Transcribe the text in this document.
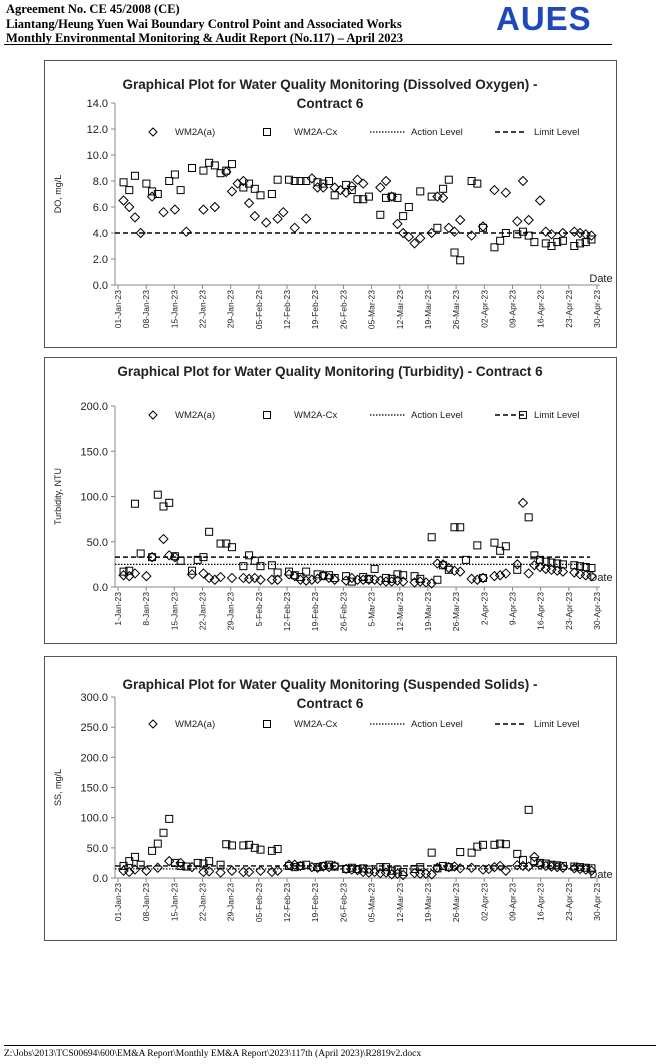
Agreement No. CE 45/2008 (CE)
Liantang/Heung Yuen Wai Boundary Control Point and Associated Works
Monthly Environmental Monitoring & Audit Report (No.117) – April 2023
AUES
Graphical Plot for Water Quality Monitoring (Dissolved Oxygen) -
Contract 6
DO, mg/L
0.0
2.0
4.0
6.0
8.0
10.0
12.0
14.0
01-Jan-23 08-Jan-23 15-Jan-23 22-Jan-23 29-Jan-23 05-Feb-23 12-Feb-23 19-Feb-23 26-Feb-23 05-Mar-23 12-Mar-23 19-Mar-23 26-Mar-23 02-Apr-23 09-Apr-23 16-Apr-23 23-Apr-23 30-Apr-23
Date
WM2A(a)	WM2A-Cx	Action Level	Limit Level
Graphical Plot for Water Quality Monitoring (Turbidity) - Contract 6
Turbidity, NTU
0.0
50.0
100.0
150.0
200.0
1-Jan-23 8-Jan-23 15-Jan-23 22-Jan-23 29-Jan-23 5-Feb-23 12-Feb-23 19-Feb-23 26-Feb-23 5-Mar-23 12-Mar-23 19-Mar-23 26-Mar-23 2-Apr-23 9-Apr-23 16-Apr-23 23-Apr-23 30-Apr-23
Date
WM2A(a)	WM2A-Cx	Action Level	Limit Level
Graphical Plot for Water Quality Monitoring (Suspended Solids) -
Contract 6
SS, mg/L
0.0
50.0
100.0
150.0
200.0
250.0
300.0
01-Jan-23 08-Jan-23 15-Jan-23 22-Jan-23 29-Jan-23 05-Feb-23 12-Feb-23 19-Feb-23 26-Feb-23 05-Mar-23 12-Mar-23 19-Mar-23 26-Mar-23 02-Apr-23 09-Apr-23 16-Apr-23 23-Apr-23 30-Apr-23
Date
WM2A(a)	WM2A-Cx	Action Level	Limit Level
Z:\Jobs\2013\TCS00694\600\EM&A Report\Monthly EM&A Report\2023\117th (April 2023)\R2819v2.docx
